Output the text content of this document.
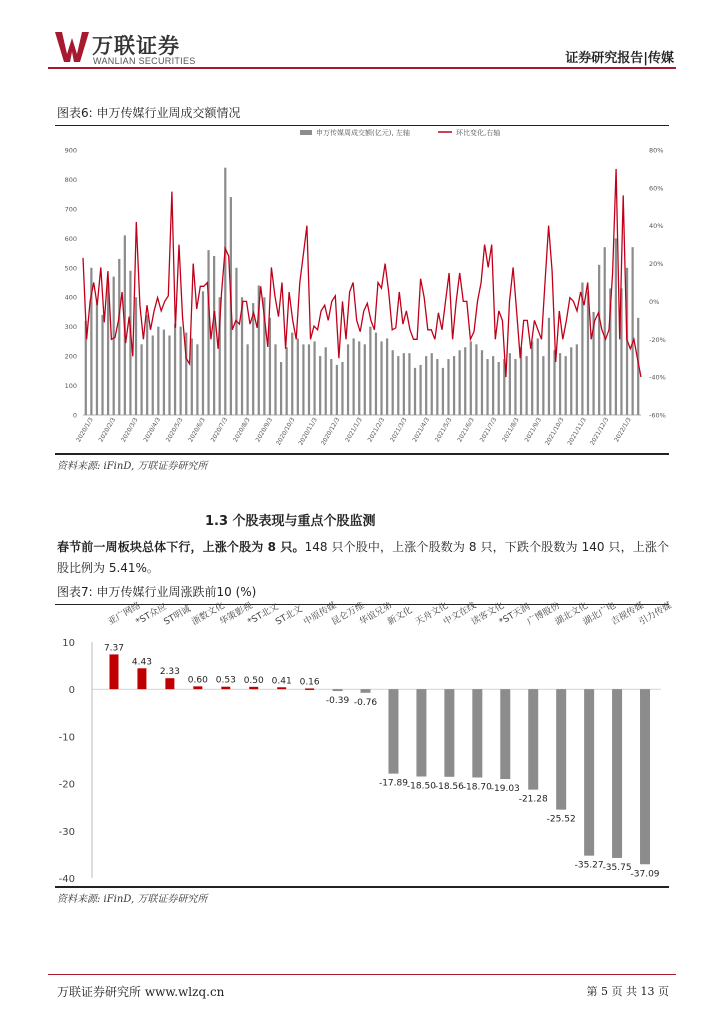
万联证券
WANLIAN SECURITIES	证券研究报告|传媒
图表6: 申万传媒行业周成交额情况
0
100
200
300
400
500
600
700
800
900
-60%
-40%
-20%
0%
20%
40%
60%
80%
2020/1/3 2020/2/3 2020/3/3 2020/4/3 2020/5/3 2020/6/3 2020/7/3 2020/8/3 2020/9/3 2020/10/3 2020/11/3 2020/12/3 2021/1/3 2021/2/3 2021/3/3 2021/4/3 2021/5/3 2021/6/3 2021/7/3 2021/8/3 2021/9/3 2021/10/3 2021/11/3 2021/12/3 2022/1/3
申万传媒周成交额(亿元), 左轴	环比变化,右轴
资料来源: iFinD, 万联证券研究所
1.3 个股表现与重点个股监测
春节前一周板块总体下行，上涨个股为 8 只。148 只个股中，上涨个股数为 8 只，下跌个股数为 140 只，上涨个股比例为 5.41%。
图表7: 申万传媒行业周涨跌前10 (%)
10
0
-10
-20
-30
-40
亚广网络
*ST众应
ST明诚
浙数文化
华策影视
*ST北文
ST北文
中原传媒
昆仑万维
华谊兄弟
新文化 天舟文化
中文在线
读客文化
*ST天润
广博股份
湖北文化
湖北广电
吉视传媒
引力传媒
7.37
4.43
2.33
0.60 0.53 0.50 0.41 0.16
-0.39 -0.76
-17.89
-18.50
-18.56
-18.70
-19.03
-21.28
-25.52
-35.27
-35.75
-37.09
资料来源: iFinD, 万联证券研究所
万联证券研究所 www.wlzq.cn	第 5 页 共 13 页
